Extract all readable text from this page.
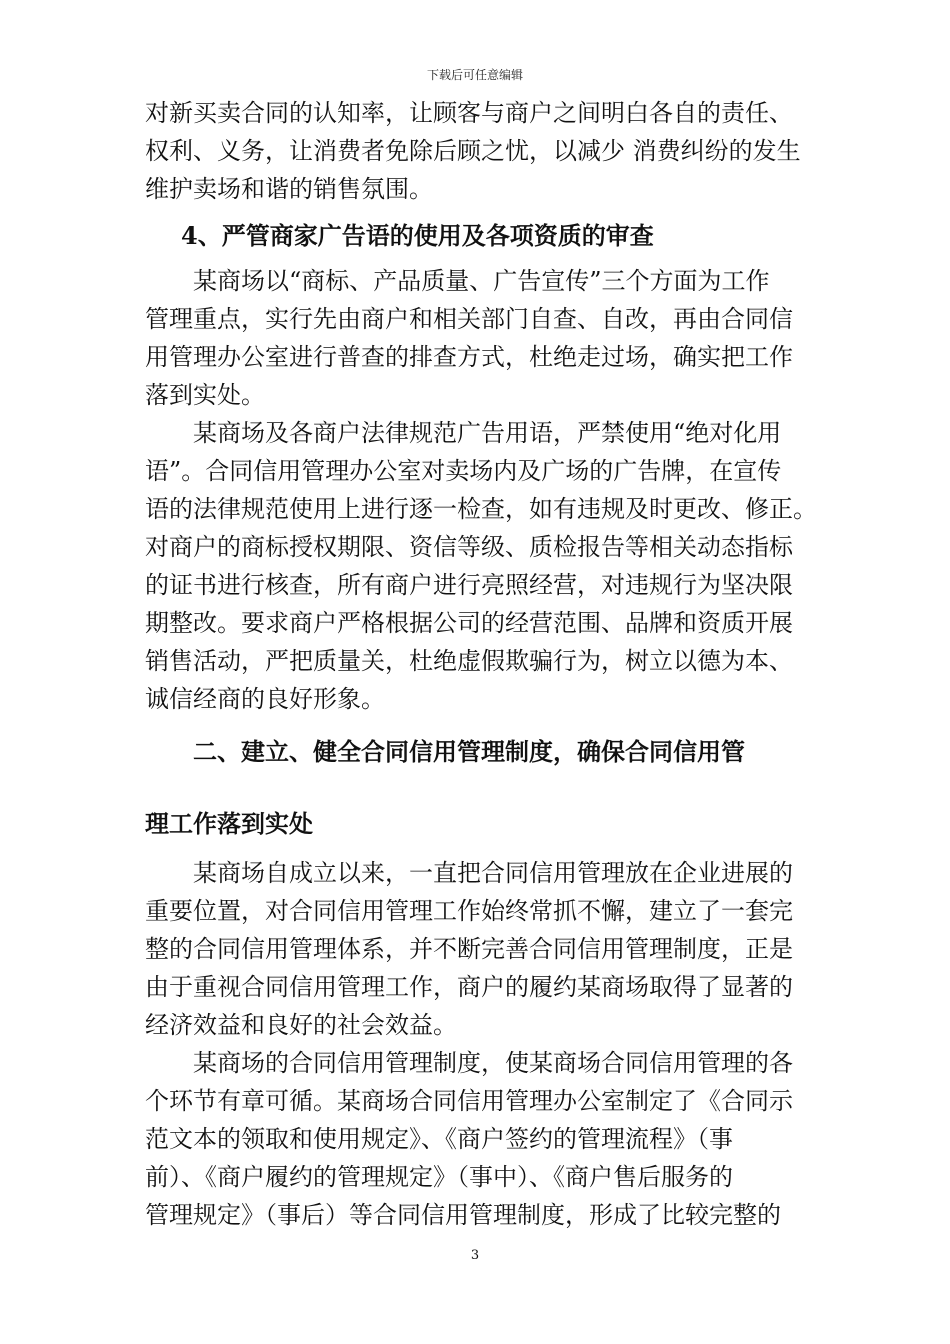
下载后可任意编辑
对新买卖合同的认知率，让顾客与商户之间明白各自的责任、
权利、义务，让消费者免除后顾之忧，以减少 消费纠纷的发生
维护卖场和谐的销售氛围。
4、严管商家广告语的使用及各项资质的审查
某商场以“商标、产品质量、广告宣传”三个方面为工作
管理重点，实行先由商户和相关部门自查、自改，再由合同信
用管理办公室进行普查的排查方式，杜绝走过场，确实把工作
落到实处。
某商场及各商户法律规范广告用语，严禁使用“绝对化用
语”。合同信用管理办公室对卖场内及广场的广告牌，在宣传
语的法律规范使用上进行逐一检查，如有违规及时更改、修正。
对商户的商标授权期限、资信等级、质检报告等相关动态指标
的证书进行核查，所有商户进行亮照经营，对违规行为坚决限
期整改。要求商户严格根据公司的经营范围、品牌和资质开展
销售活动，严把质量关，杜绝虚假欺骗行为，树立以德为本、
诚信经商的良好形象。
二、建立、健全合同信用管理制度，确保合同信用管
理工作落到实处
某商场自成立以来，一直把合同信用管理放在企业进展的
重要位置，对合同信用管理工作始终常抓不懈，建立了一套完
整的合同信用管理体系，并不断完善合同信用管理制度，正是
由于重视合同信用管理工作，商户的履约某商场取得了显著的
经济效益和良好的社会效益。
某商场的合同信用管理制度，使某商场合同信用管理的各
个环节有章可循。某商场合同信用管理办公室制定了《合同示
范文本的领取和使用规定》、《商户签约的管理流程》（事
前）、《商户履约的管理规定》（事中）、《商户售后服务的
管理规定》（事后）等合同信用管理制度，形成了比较完整的
3
